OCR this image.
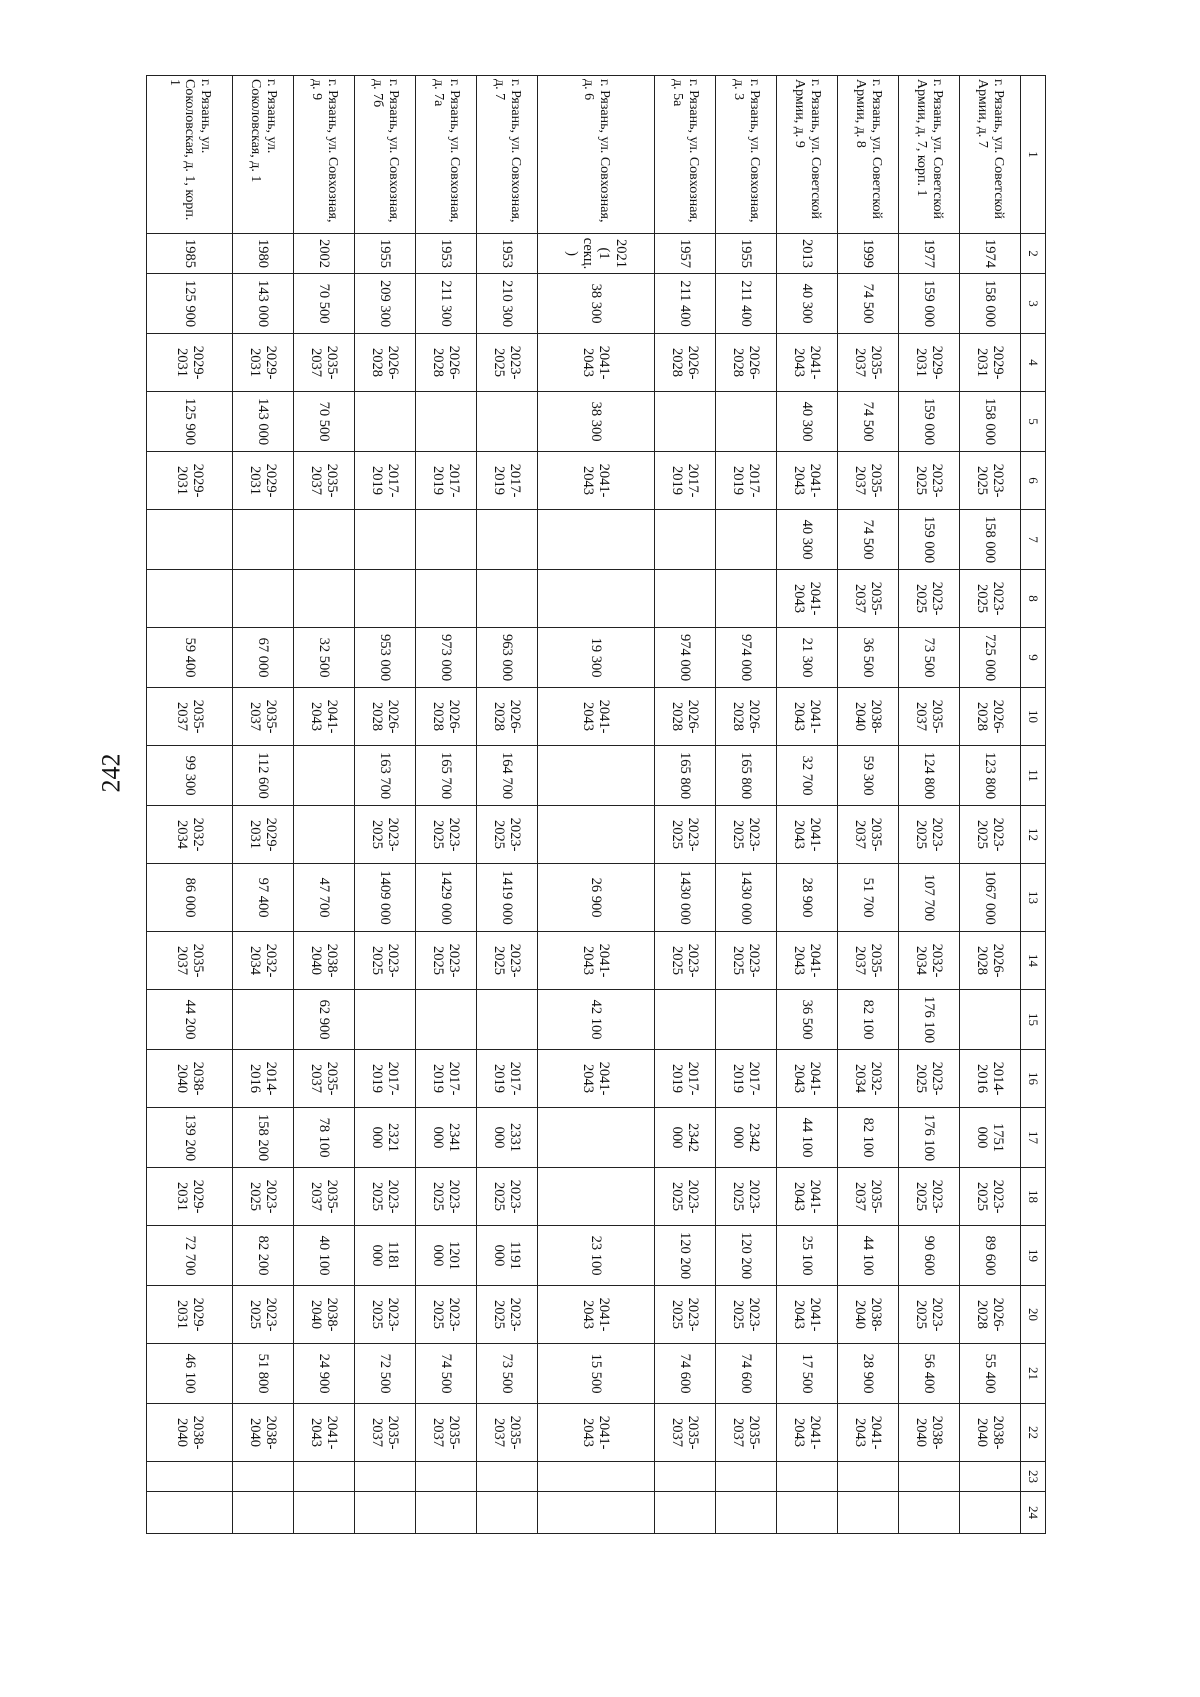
242
1	2	3	4	5	6	7	8	9	10	11	12	13	14	15	16	17	18	19	20	21	22	23	24
г. Рязань, ул. Советской Армии, д. 7	1974	158 000	2029-2031	158 000	2023-2025	158 000	2023-2025	725 000	2026-2028	123 800	2023-2025	1067 000	2026-2028		2014-2016	1751 000	2023-2025	89 600	2026-2028	55 400	2038-2040		
г. Рязань, ул. Советской Армии, д. 7, корп. 1	1977	159 000	2029-2031	159 000	2023-2025	159 000	2023-2025	73 500	2035-2037	124 800	2023-2025	107 700	2032-2034	176 100	2023-2025	176 100	2023-2025	90 600	2023-2025	56 400	2038-2040		
г. Рязань, ул. Советской Армии, д. 8	1999	74 500	2035-2037	74 500	2035-2037	74 500	2035-2037	36 500	2038-2040	59 300	2035-2037	51 700	2035-2037	82 100	2032-2034	82 100	2035-2037	44 100	2038-2040	28 900	2041-2043		
г. Рязань, ул. Советской Армии, д. 9	2013	40 300	2041-2043	40 300	2041-2043	40 300	2041-2043	21 300	2041-2043	32 700	2041-2043	28 900	2041-2043	36 500	2041-2043	44 100	2041-2043	25 100	2041-2043	17 500	2041-2043		
г. Рязань, ул. Совхозная, д. 3	1955	211 400	2026-2028		2017-2019			974 000	2026-2028	165 800	2023-2025	1430 000	2023-2025		2017-2019	2342 000	2023-2025	120 200	2023-2025	74 600	2035-2037		
г. Рязань, ул. Совхозная, д. 5а	1957	211 400	2026-2028		2017-2019			974 000	2026-2028	165 800	2023-2025	1430 000	2023-2025		2017-2019	2342 000	2023-2025	120 200	2023-2025	74 600	2035-2037		
г. Рязань, ул. Совхозная, д. 6	2021 (1 секц.)	38 300	2041-2043	38 300	2041-2043			19 300	2041-2043			26 900	2041-2043	42 100	2041-2043			23 100	2041-2043	15 500	2041-2043		
г. Рязань, ул. Совхозная, д. 7	1953	210 300	2023-2025		2017-2019			963 000	2026-2028	164 700	2023-2025	1419 000	2023-2025		2017-2019	2331 000	2023-2025	1191 000	2023-2025	73 500	2035-2037		
г. Рязань, ул. Совхозная, д. 7а	1953	211 300	2026-2028		2017-2019			973 000	2026-2028	165 700	2023-2025	1429 000	2023-2025		2017-2019	2341 000	2023-2025	1201 000	2023-2025	74 500	2035-2037		
г. Рязань, ул. Совхозная, д. 7б	1955	209 300	2026-2028		2017-2019			953 000	2026-2028	163 700	2023-2025	1409 000	2023-2025		2017-2019	2321 000	2023-2025	1181 000	2023-2025	72 500	2035-2037		
г. Рязань, ул. Совхозная, д. 9	2002	70 500	2035-2037	70 500	2035-2037			32 500	2041-2043			47 700	2038-2040	62 900	2035-2037	78 100	2035-2037	40 100	2038-2040	24 900	2041-2043		
г. Рязань, ул. Соколовская, д. 1	1980	143 000	2029-2031	143 000	2029-2031			67 000	2035-2037	112 600	2029-2031	97 400	2032-2034		2014-2016	158 200	2023-2025	82 200	2023-2025	51 800	2038-2040		
г. Рязань, ул. Соколовская, д. 1, корп. 1	1985	125 900	2029-2031	125 900	2029-2031			59 400	2035-2037	99 300	2032-2034	86 000	2035-2037	44 200	2038-2040	139 200	2029-2031	72 700	2029-2031	46 100	2038-2040		
